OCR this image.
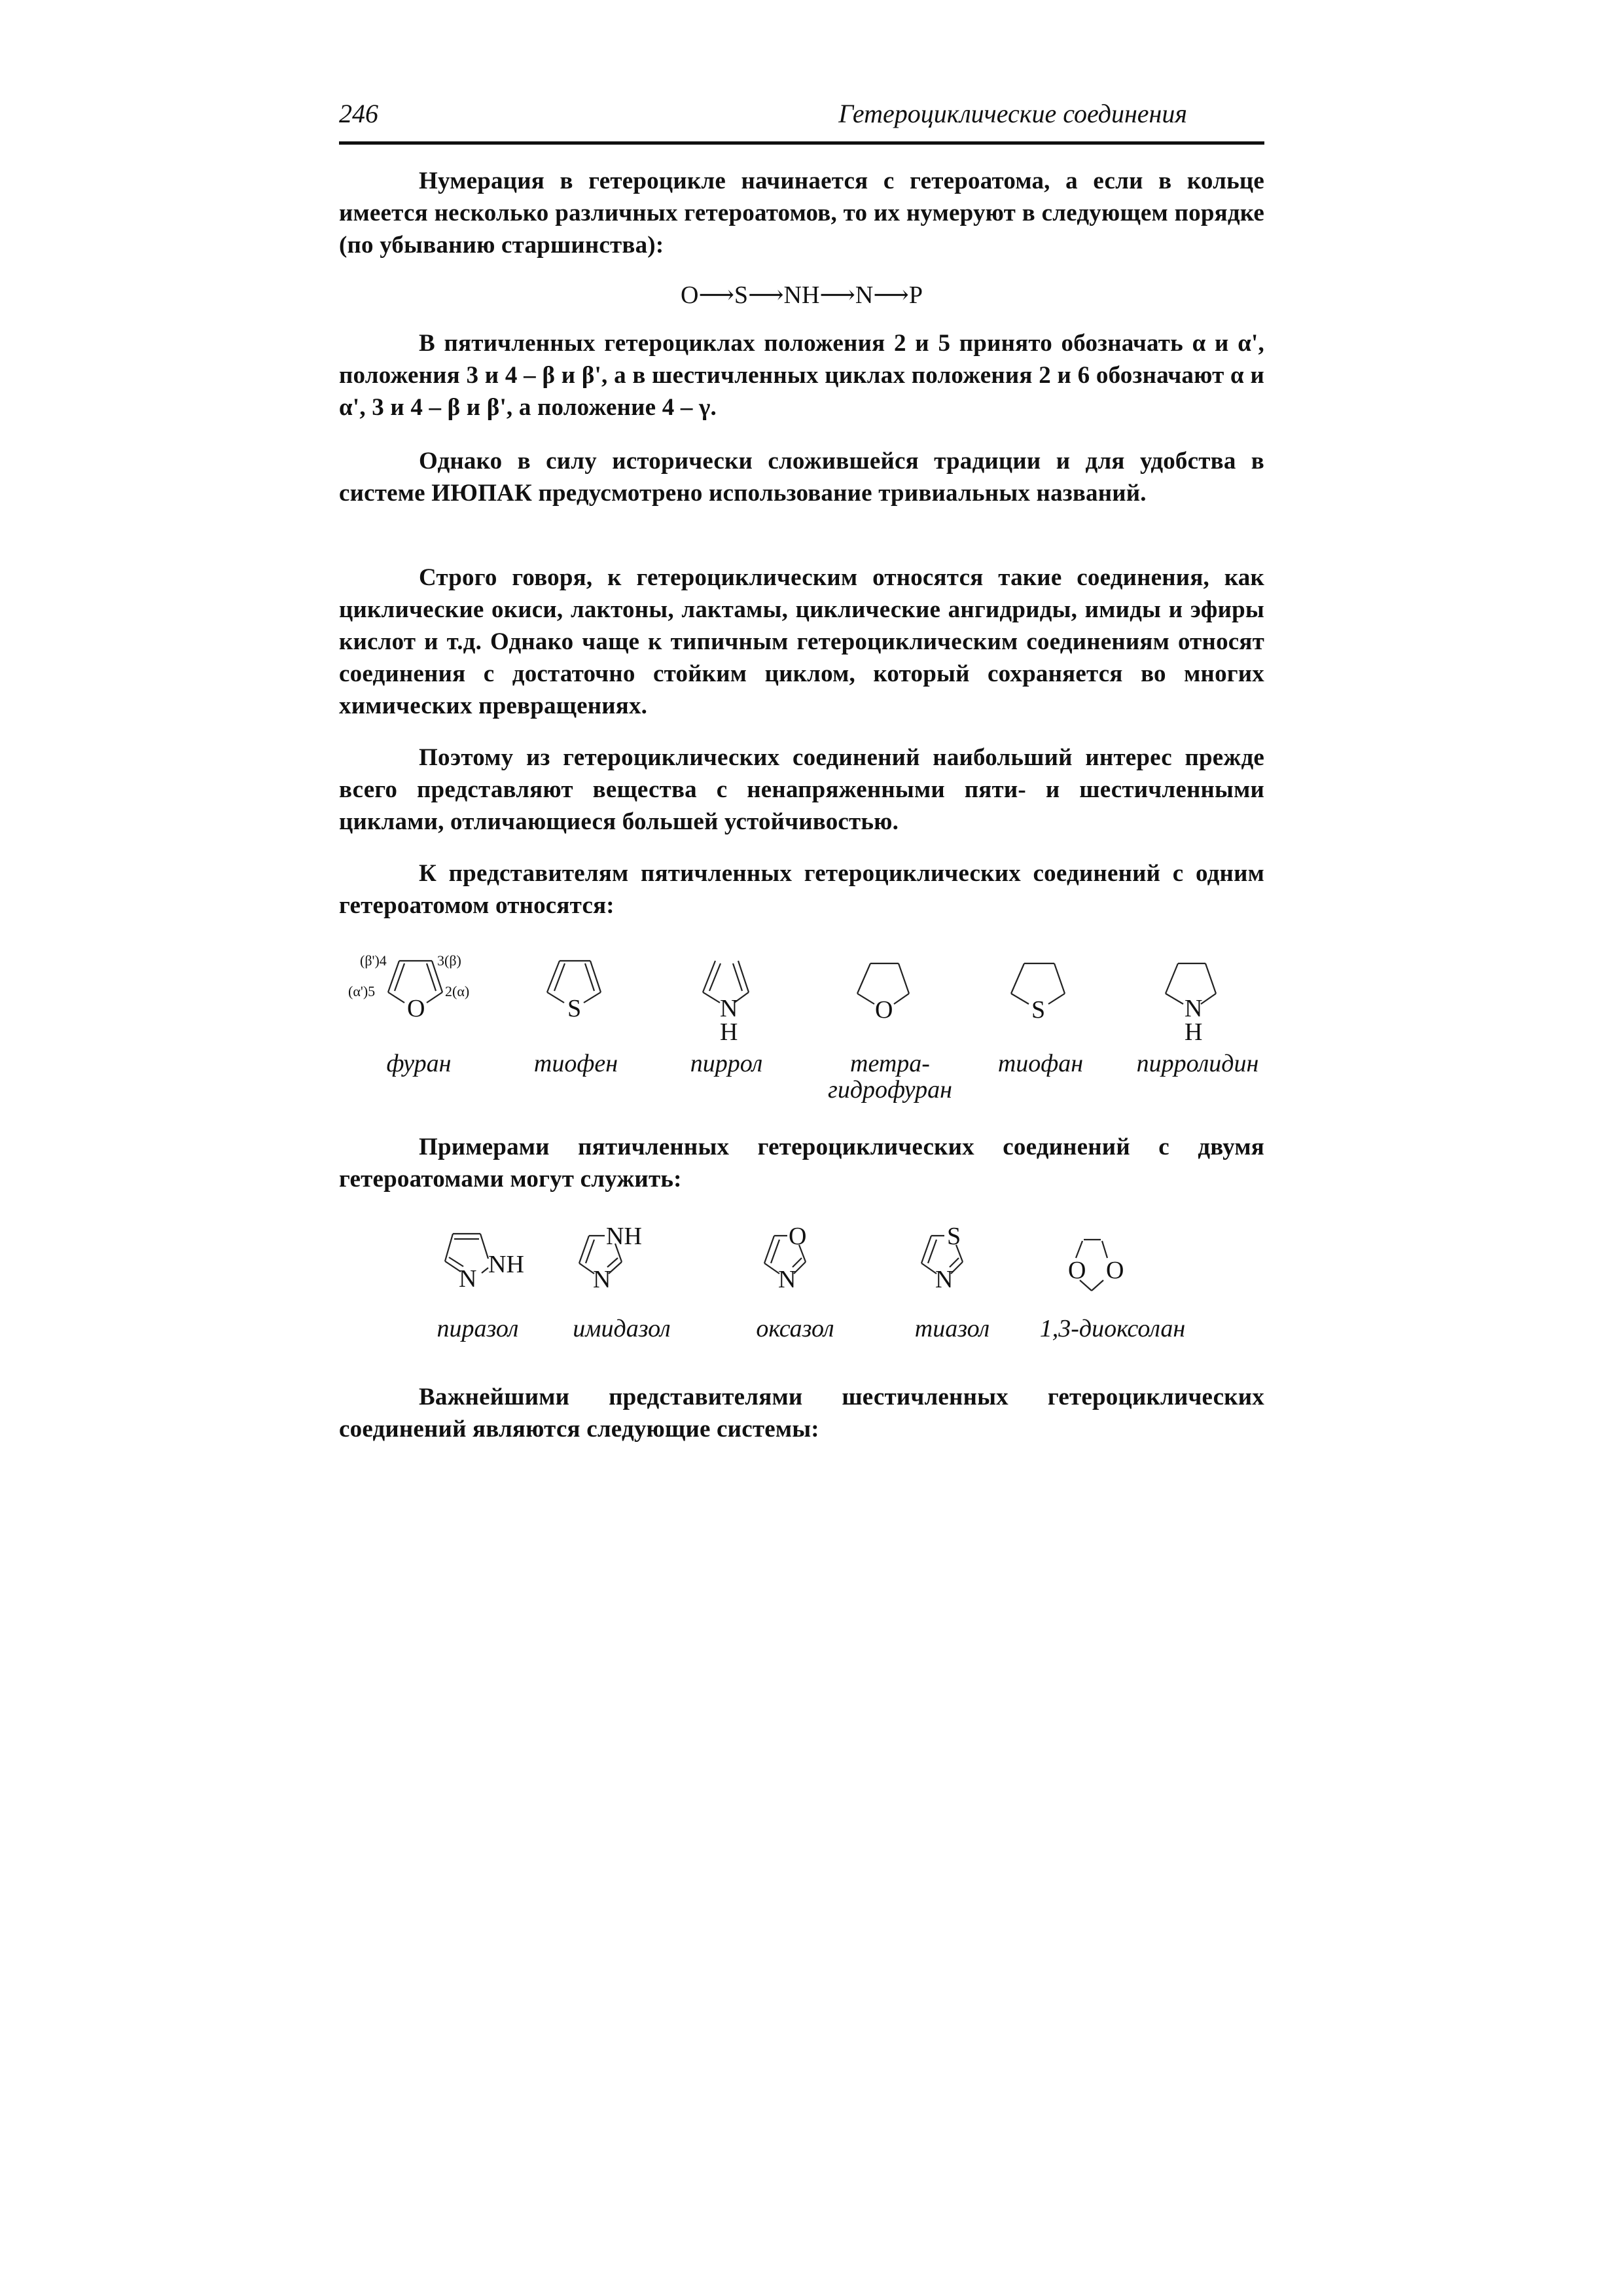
246	Гетероциклические соединения
Нумерация в гетероцикле начинается с гетероатома, а если в кольце имеется несколько различных гетероатомов, то их нумеруют в следующем порядке (по убыванию старшинства):
O⟶S⟶NH⟶N⟶P
В пятичленных гетероциклах положения 2 и 5 принято обозначать α и α', положения 3 и 4 – β и β', а в шестичленных циклах положения 2 и 6 обозначают α и α', 3 и 4 – β и β', а положение 4 – γ.
Однако в силу исторически сложившейся традиции и для удобства в системе ИЮПАК предусмотрено использование тривиальных названий.
Строго говоря, к гетероциклическим относятся такие соединения, как циклические окиси, лактоны, лактамы, циклические ангидриды, имиды и эфиры кислот и т.д. Однако чаще к типичным гетероциклическим соединениям относят соединения с достаточно стойким циклом, который сохраняется во многих химических превращениях.
Поэтому из гетероциклических соединений наибольший интерес прежде всего представляют вещества с ненапряженными пяти- и шестичленными циклами, отличающиеся большей устойчивостью.
К представителям пятичленных гетероциклических соединений с одним гетероатомом относятся:
O
(β')4	3(β)
(α')5	2(α)
фуран
S
тиофен
N
H
пиррол
O
тетра-
гидрофуран
S
тиофан
N
H
пирролидин
Примерами пятичленных гетероциклических соединений с двумя гетероатомами могут служить:
N
NH
пиразол
N
NH
имидазол
N
O
оксазол
N
S
тиазол
O O
1,3-диоксолан
Важнейшими представителями шестичленных гетероциклических соединений являются следующие системы:
